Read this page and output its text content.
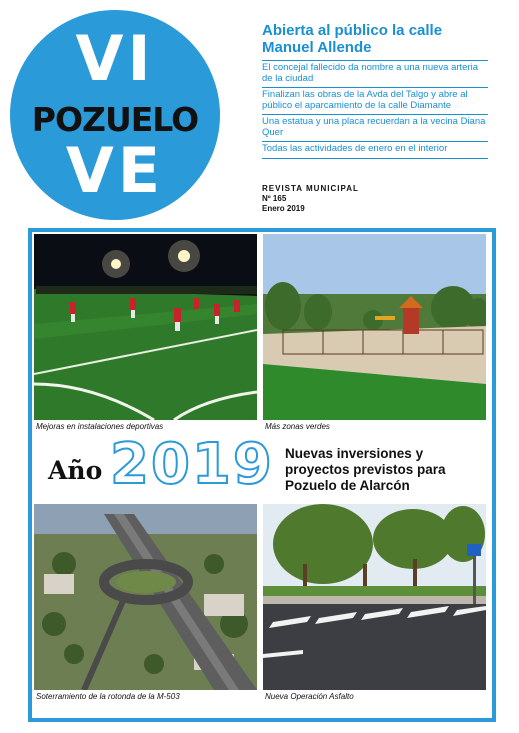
VI
POZUELO
VE
Abierta al público la calle Manuel Allende
El concejal fallecido da nombre a una nueva arteria de la ciudad
Finalizan las obras de la Avda del Talgo y abre al público el aparcamiento de la calle Diamante
Una estatua y una placa recuerdan a la vecina Diana Quer
Todas las actividades de enero en el interior
REVISTA MUNICIPAL
Nº 165
Enero 2019
Mejoras en instalaciones deportivas	Más zonas verdes
Año 2019 Nuevas inversiones y proyectos previstos para Pozuelo de Alarcón
Soterramiento de la rotonda de la M-503	Nueva Operación Asfalto
